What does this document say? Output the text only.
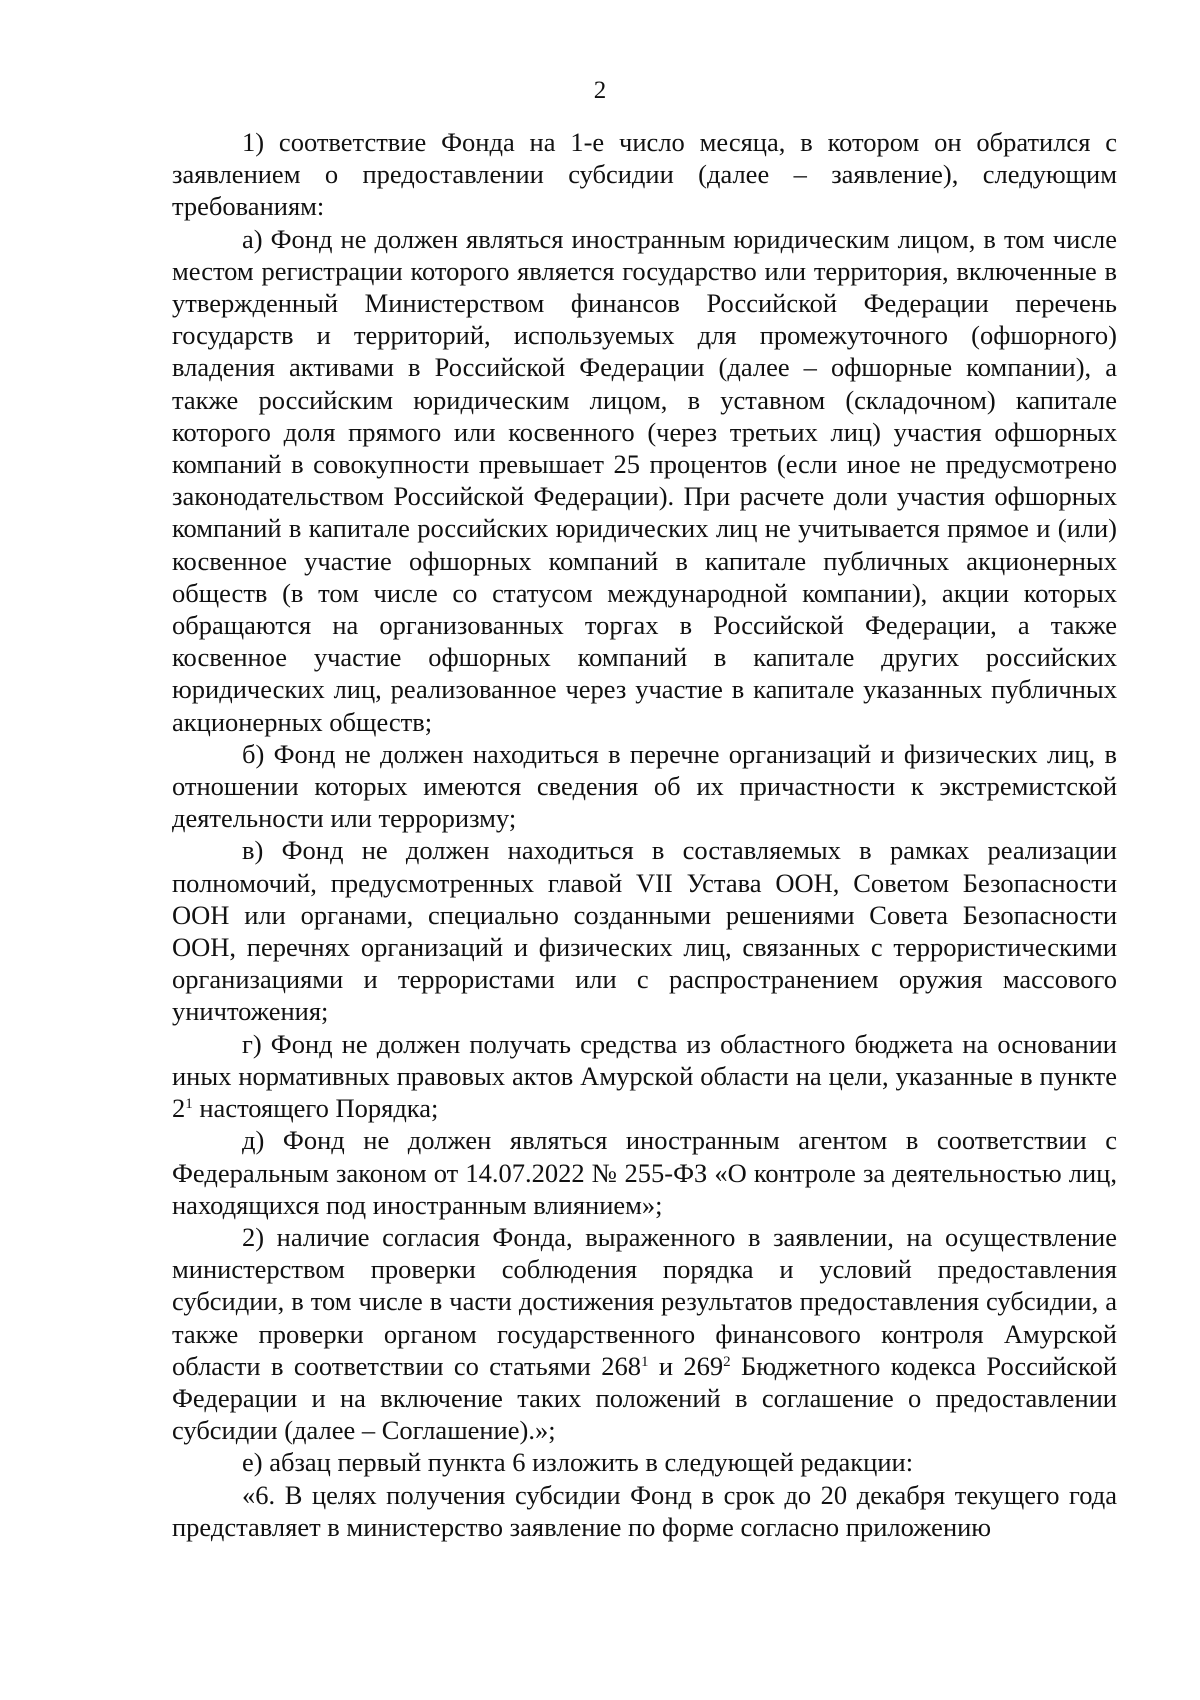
2

1) соответствие Фонда на 1-е число месяца, в котором он обратился с заявлением о предоставлении субсидии (далее – заявление), следующим требованиям:

а) Фонд не должен являться иностранным юридическим лицом, в том числе местом регистрации которого является государство или территория, включенные в утвержденный Министерством финансов Российской Федерации перечень государств и территорий, используемых для промежуточного (офшорного) владения активами в Российской Федерации (далее – офшорные компании), а также российским юридическим лицом, в уставном (складочном) капитале которого доля прямого или косвенного (через третьих лиц) участия офшорных компаний в совокупности превышает 25 процентов (если иное не предусмотрено законодательством Российской Федерации). При расчете доли участия офшорных компаний в капитале российских юридических лиц не учитывается прямое и (или) косвенное участие офшорных компаний в капитале публичных акционерных обществ (в том числе со статусом международной компании), акции которых обращаются на организованных торгах в Российской Федерации, а также косвенное участие офшорных компаний в капитале других российских юридических лиц, реализованное через участие в капитале указанных публичных акционерных обществ;

б) Фонд не должен находиться в перечне организаций и физических лиц, в отношении которых имеются сведения об их причастности к экстремистской деятельности или терроризму;

в) Фонд не должен находиться в составляемых в рамках реализации полномочий, предусмотренных главой VII Устава ООН, Советом Безопасности ООН или органами, специально созданными решениями Совета Безопасности ООН, перечнях организаций и физических лиц, связанных с террористическими организациями и террористами или с распространением оружия массового уничтожения;

г) Фонд не должен получать средства из областного бюджета на основании иных нормативных правовых актов Амурской области на цели, указанные в пункте $2^1$ настоящего Порядка;

д) Фонд не должен являться иностранным агентом в соответствии с Федеральным законом от 14.07.2022 № 255-ФЗ «О контроле за деятельностью лиц, находящихся под иностранным влиянием»;

2) наличие согласия Фонда, выраженного в заявлении, на осуществление министерством проверки соблюдения порядка и условий предоставления субсидии, в том числе в части достижения результатов предоставления субсидии, а также проверки органом государственного финансового контроля Амурской области в соответствии со статьями $268^1$ и $269^2$ Бюджетного кодекса Российской Федерации и на включение таких положений в соглашение о предоставлении субсидии (далее – Соглашение).»;

е) абзац первый пункта 6 изложить в следующей редакции:

«6. В целях получения субсидии Фонд в срок до 20 декабря текущего года представляет в министерство заявление по форме согласно приложению
